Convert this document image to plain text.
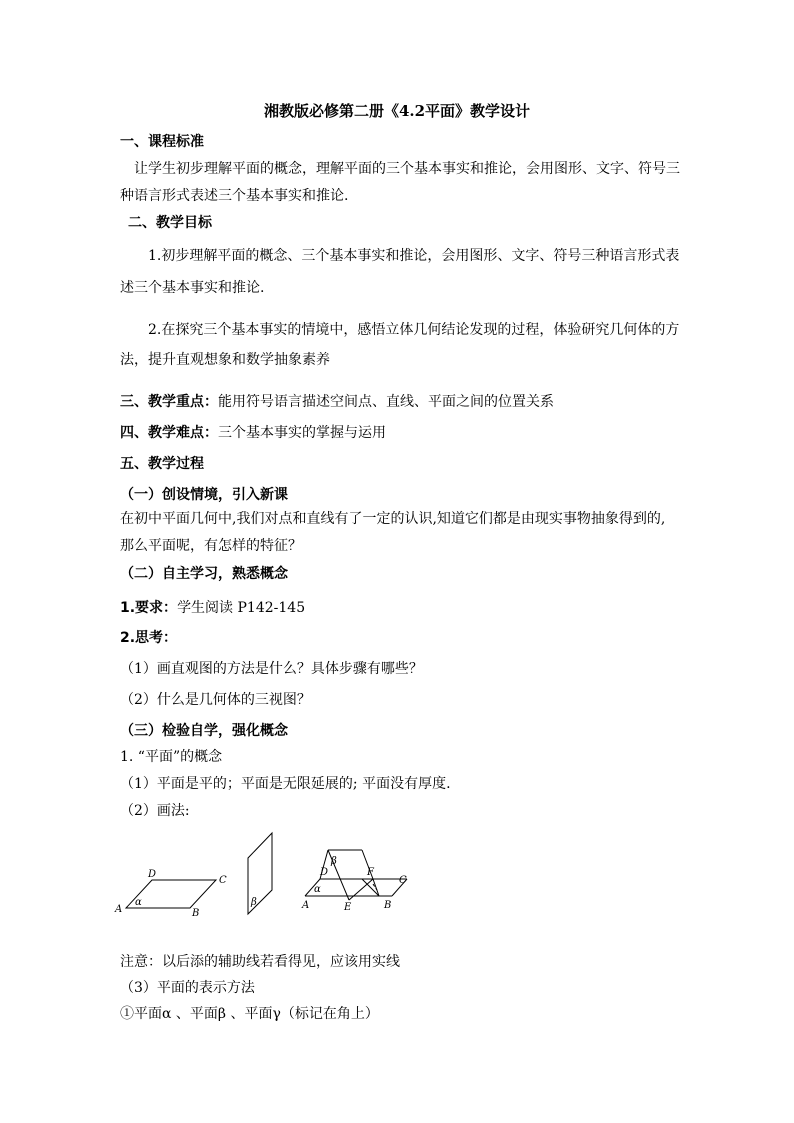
湘教版必修第二册《4.2平面》教学设计
一、课程标准
让学生初步理解平面的概念，理解平面的三个基本事实和推论，会用图形、文字、符号三
种语言形式表述三个基本事实和推论.
二、教学目标
1.初步理解平面的概念、三个基本事实和推论，会用图形、文字、符号三种语言形式表
述三个基本事实和推论.
2.在探究三个基本事实的情境中，感悟立体几何结论发现的过程，体验研究几何体的方
法，提升直观想象和数学抽象素养
三、教学重点：能用符号语言描述空间点、直线、平面之间的位置关系
四、教学难点：三个基本事实的掌握与运用
五、教学过程
（一）创设情境，引入新课
在初中平面几何中,我们对点和直线有了一定的认识,知道它们都是由现实事物抽象得到的,
那么平面呢，有怎样的特征？
（二）自主学习，熟悉概念
1.要求：学生阅读 P142-145
2.思考：
（1）画直观图的方法是什么？具体步骤有哪些？
（2）什么是几何体的三视图？
（三）检验自学，强化概念
1. “平面”的概念
（1）平面是平的；平面是无限延展的; 平面没有厚度.
（2）画法:
A	B
C
D
α	β	A	B
C
D
E
F
α
β
注意：以后添的辅助线若看得见，应该用实线
（3）平面的表示方法
①平面α 、平面β 、平面γ（标记在角上）
